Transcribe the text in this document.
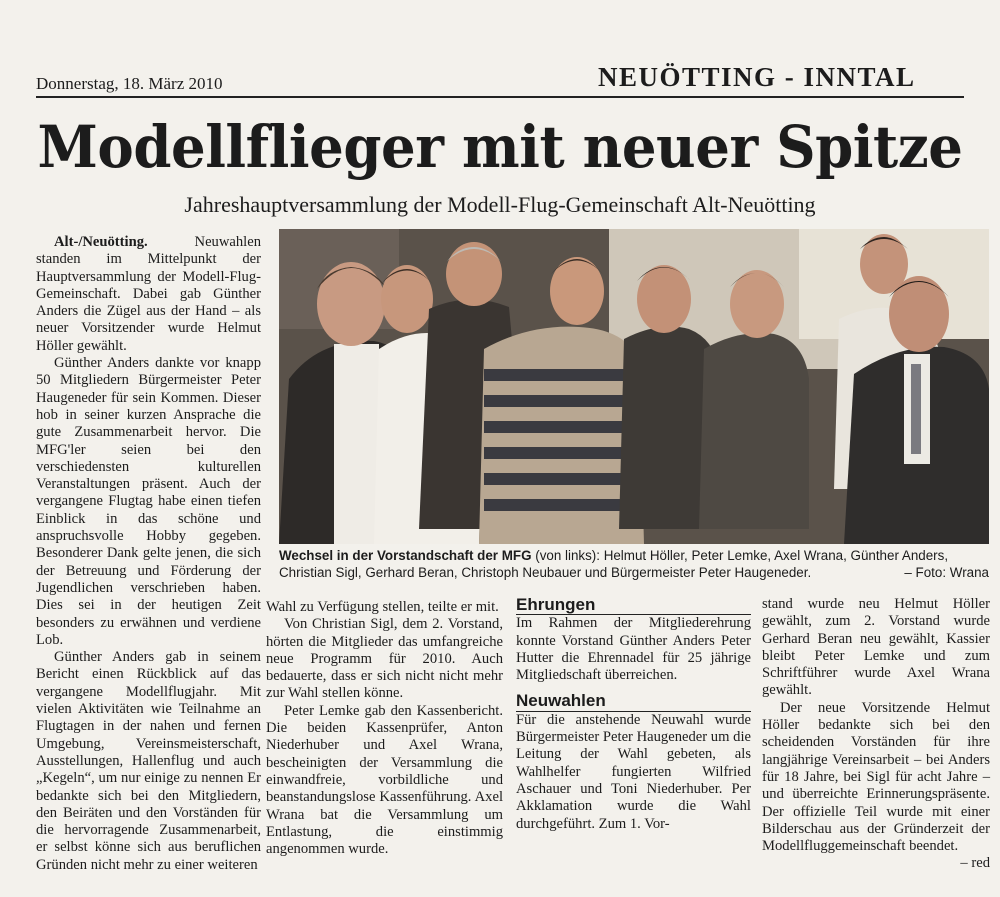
Donnerstag, 18. März 2010	NEUÖTTING - INNTAL
Modellflieger mit neuer Spitze
Jahreshauptversammlung der Modell-Flug-Gemeinschaft Alt-Neuötting

Alt-/Neuötting.	Neuwahlen standen im Mittelpunkt der Hauptversammlung der Modell-Flug-Gemeinschaft. Dabei gab Günther Anders die Zügel aus der Hand – als neuer Vorsitzender wurde Helmut Höller gewählt.

Günther Anders dankte vor knapp 50 Mitgliedern Bürgermeister Peter Haugeneder für sein Kommen. Dieser hob in seiner kurzen Ansprache die gute Zusammenarbeit hervor. Die MFG'ler seien bei den verschiedensten kulturellen Veranstaltungen präsent. Auch der vergangene Flugtag habe einen tiefen Einblick in das schöne und anspruchsvolle Hobby gegeben. Besonderer Dank gelte jenen, die sich der Betreuung und Förderung der Jugendlichen verschrieben haben. Dies sei in der heutigen Zeit besonders zu erwähnen und verdiene Lob.

Günther Anders gab in seinem Bericht einen Rückblick auf das vergangene Modellflugjahr. Mit vielen Aktivitäten wie Teilnahme an Flugtagen in der nahen und fernen Umgebung, Vereinsmeisterschaft, Ausstellungen, Hallenflug und auch „Kegeln“, um nur einige zu nennen Er bedankte sich bei den Mitgliedern, den Beiräten und den Vorständen für die hervorragende Zusammenarbeit, er selbst könne sich aus beruflichen Gründen nicht mehr zu einer weiteren

Wechsel in der Vorstandschaft der MFG (von links): Helmut Höller, Peter Lemke, Axel Wrana, Günther Anders, Christian Sigl, Gerhard Beran, Christoph Neubauer und Bürgermeister Peter Haugeneder.	– Foto: Wrana

Wahl zu Verfügung stellen, teilte er mit.

Von Christian Sigl, dem 2. Vorstand, hörten die Mitglieder das umfangreiche neue Programm für 2010. Auch bedauerte, dass er sich nicht nicht mehr zur Wahl stellen könne.

Peter Lemke gab den Kassenbericht. Die beiden Kassenprüfer, Anton Niederhuber und Axel Wrana, bescheinigten der Versammlung die einwandfreie, vorbildliche und beanstandungslose Kassenführung. Axel Wrana bat die Versammlung um Entlastung, die einstimmig angenommen wurde.

Ehrungen

Im Rahmen der Mitgliederehrung konnte Vorstand Günther Anders Peter Hutter die Ehrennadel für 25 jährige Mitgliedschaft überreichen.

Neuwahlen

Für die anstehende Neuwahl wurde Bürgermeister Peter Haugeneder um die Leitung der Wahl gebeten, als Wahlhelfer fungierten Wilfried Aschauer und Toni Niederhuber. Per Akklamation wurde die Wahl durchgeführt. Zum 1. Vor-

stand wurde neu Helmut Höller gewählt, zum 2. Vorstand wurde Gerhard Beran neu gewählt, Kassier bleibt Peter Lemke und zum Schriftführer wurde Axel Wrana gewählt.

Der neue Vorsitzende Helmut Höller bedankte sich bei den scheidenden Vorständen für ihre langjährige Vereinsarbeit – bei Anders für 18 Jahre, bei Sigl für acht Jahre – und überreichte Erinnerungspräsente. Der offizielle Teil wurde mit einer Bilderschau aus der Gründerzeit der Modellfluggemeinschaft beendet.

– red
